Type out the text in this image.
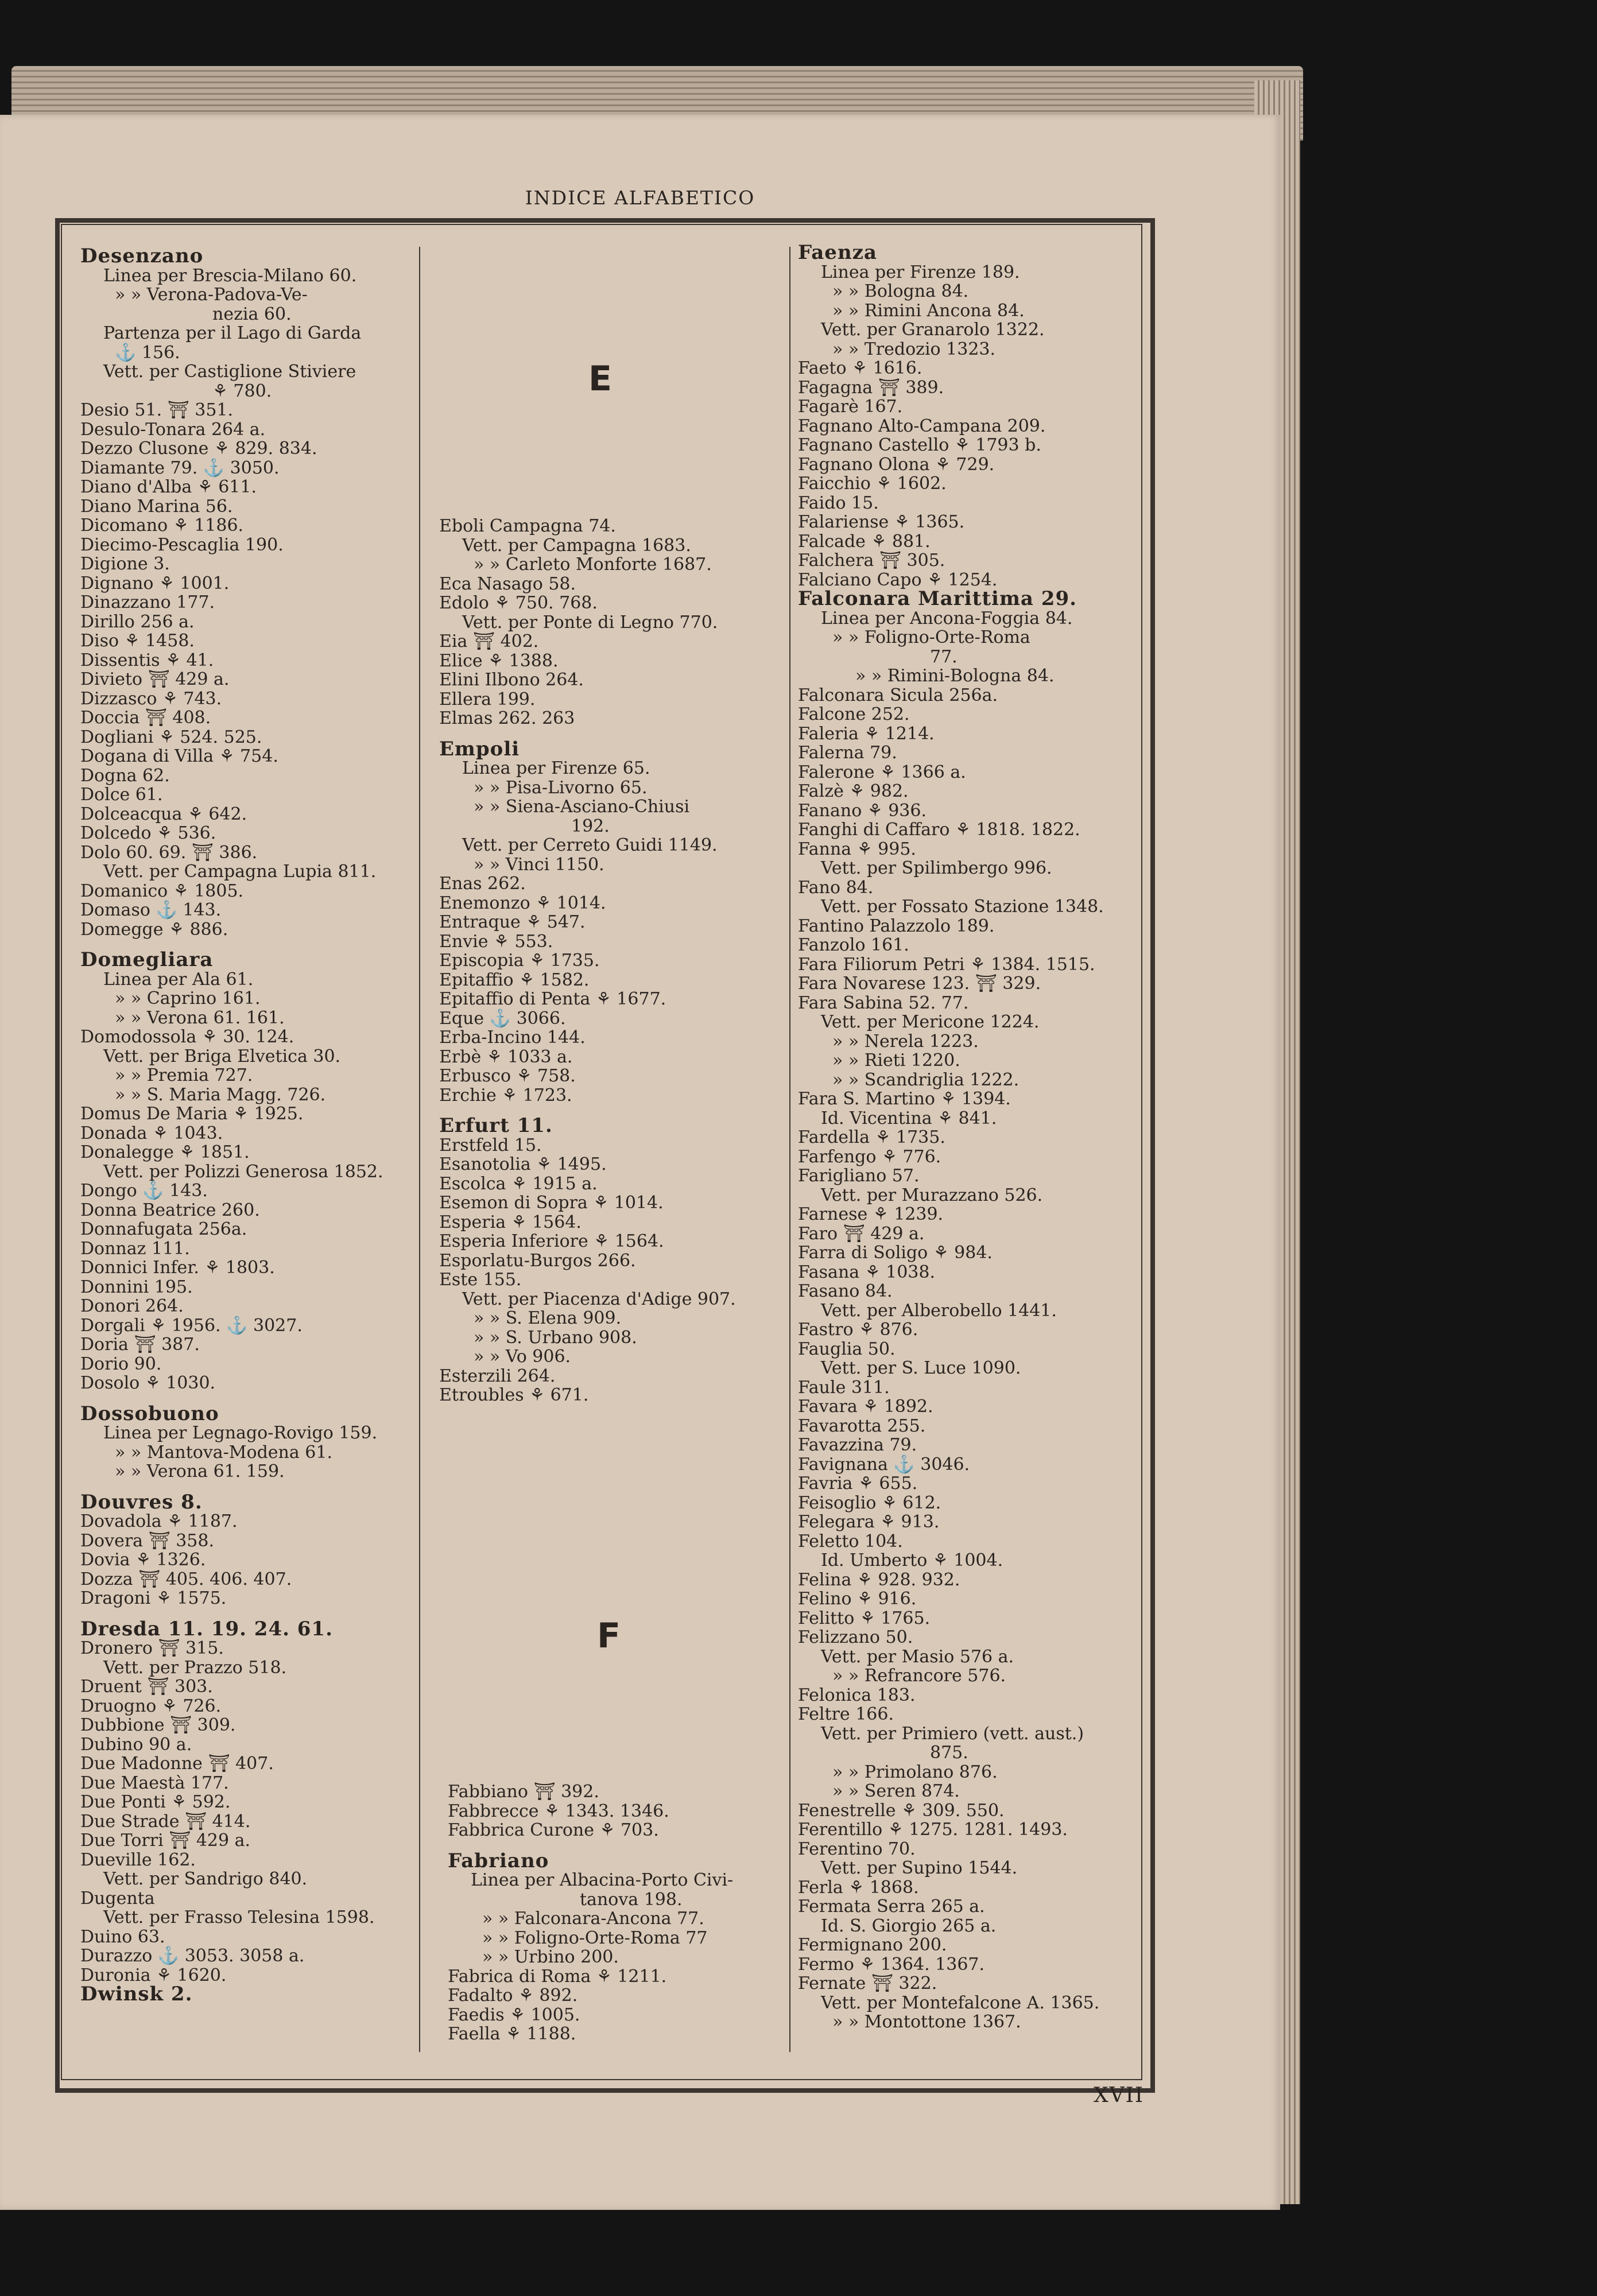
INDICE ALFABETICO
Desenzano
Linea per Brescia-Milano 60.
» » Verona-Padova-Ve-
nezia 60.
Partenza per il Lago di Garda
⚓ 156.
Vett. per Castiglione Stiviere
⚘ 780.
Desio 51. ⛩ 351.
Desulo-Tonara 264 a.
Dezzo Clusone ⚘ 829. 834.
Diamante 79. ⚓ 3050.
Diano d'Alba ⚘ 611.
Diano Marina 56.
Dicomano ⚘ 1186.
Diecimo-Pescaglia 190.
Digione 3.
Dignano ⚘ 1001.
Dinazzano 177.
Dirillo 256 a.
Diso ⚘ 1458.
Dissentis ⚘ 41.
Divieto ⛩ 429 a.
Dizzasco ⚘ 743.
Doccia ⛩ 408.
Dogliani ⚘ 524. 525.
Dogana di Villa ⚘ 754.
Dogna 62.
Dolce 61.
Dolceacqua ⚘ 642.
Dolcedo ⚘ 536.
Dolo 60. 69. ⛩ 386.
Vett. per Campagna Lupia 811.
Domanico ⚘ 1805.
Domaso ⚓ 143.
Domegge ⚘ 886.
Domegliara
Linea per Ala 61.
» » Caprino 161.
» » Verona 61. 161.
Domodossola ⚘ 30. 124.
Vett. per Briga Elvetica 30.
» » Premia 727.
» » S. Maria Magg. 726.
Domus De Maria ⚘ 1925.
Donada ⚘ 1043.
Donalegge ⚘ 1851.
Vett. per Polizzi Generosa 1852.
Dongo ⚓ 143.
Donna Beatrice 260.
Donnafugata 256a.
Donnaz 111.
Donnici Infer. ⚘ 1803.
Donnini 195.
Donori 264.
Dorgali ⚘ 1956. ⚓ 3027.
Doria ⛩ 387.
Dorio 90.
Dosolo ⚘ 1030.
Dossobuono
Linea per Legnago-Rovigo 159.
» » Mantova-Modena 61.
» » Verona 61. 159.
Douvres 8.
Dovadola ⚘ 1187.
Dovera ⛩ 358.
Dovia ⚘ 1326.
Dozza ⛩ 405. 406. 407.
Dragoni ⚘ 1575.
Dresda 11. 19. 24. 61.
Dronero ⛩ 315.
Vett. per Prazzo 518.
Druent ⛩ 303.
Druogno ⚘ 726.
Dubbione ⛩ 309.
Dubino 90 a.
Due Madonne ⛩ 407.
Due Maestà 177.
Due Ponti ⚘ 592.
Due Strade ⛩ 414.
Due Torri ⛩ 429 a.
Dueville 162.
Vett. per Sandrigo 840.
Dugenta
Vett. per Frasso Telesina 1598.
Duino 63.
Durazzo ⚓ 3053. 3058 a.
Duronia ⚘ 1620.
Dwinsk 2.
E
Eboli Campagna 74.
Vett. per Campagna 1683.
» » Carleto Monforte 1687.
Eca Nasago 58.
Edolo ⚘ 750. 768.
Vett. per Ponte di Legno 770.
Eia ⛩ 402.
Elice ⚘ 1388.
Elini Ilbono 264.
Ellera 199.
Elmas 262. 263
Empoli
Linea per Firenze 65.
» » Pisa-Livorno 65.
» » Siena-Asciano-Chiusi
192.
Vett. per Cerreto Guidi 1149.
» » Vinci 1150.
Enas 262.
Enemonzo ⚘ 1014.
Entraque ⚘ 547.
Envie ⚘ 553.
Episcopia ⚘ 1735.
Epitaffio ⚘ 1582.
Epitaffio di Penta ⚘ 1677.
Eque ⚓ 3066.
Erba-Incino 144.
Erbè ⚘ 1033 a.
Erbusco ⚘ 758.
Erchie ⚘ 1723.
Erfurt 11.
Erstfeld 15.
Esanotolia ⚘ 1495.
Escolca ⚘ 1915 a.
Esemon di Sopra ⚘ 1014.
Esperia ⚘ 1564.
Esperia Inferiore ⚘ 1564.
Esporlatu-Burgos 266.
Este 155.
Vett. per Piacenza d'Adige 907.
» » S. Elena 909.
» » S. Urbano 908.
» » Vo 906.
Esterzili 264.
Etroubles ⚘ 671.
F
Fabbiano ⛩ 392.
Fabbrecce ⚘ 1343. 1346.
Fabbrica Curone ⚘ 703.
Fabriano
Linea per Albacina-Porto Civi-
tanova 198.
» » Falconara-Ancona 77.
» » Foligno-Orte-Roma 77
» » Urbino 200.
Fabrica di Roma ⚘ 1211.
Fadalto ⚘ 892.
Faedis ⚘ 1005.
Faella ⚘ 1188.
Faenza
Linea per Firenze 189.
» » Bologna 84.
» » Rimini Ancona 84.
Vett. per Granarolo 1322.
» » Tredozio 1323.
Faeto ⚘ 1616.
Fagagna ⛩ 389.
Fagarè 167.
Fagnano Alto-Campana 209.
Fagnano Castello ⚘ 1793 b.
Fagnano Olona ⚘ 729.
Faicchio ⚘ 1602.
Faido 15.
Falariense ⚘ 1365.
Falcade ⚘ 881.
Falchera ⛩ 305.
Falciano Capo ⚘ 1254.
Falconara Marittima 29.
Linea per Ancona-Foggia 84.
» » Foligno-Orte-Roma
77.
» » Rimini-Bologna 84.
Falconara Sicula 256a.
Falcone 252.
Faleria ⚘ 1214.
Falerna 79.
Falerone ⚘ 1366 a.
Falzè ⚘ 982.
Fanano ⚘ 936.
Fanghi di Caffaro ⚘ 1818. 1822.
Fanna ⚘ 995.
Vett. per Spilimbergo 996.
Fano 84.
Vett. per Fossato Stazione 1348.
Fantino Palazzolo 189.
Fanzolo 161.
Fara Filiorum Petri ⚘ 1384. 1515.
Fara Novarese 123. ⛩ 329.
Fara Sabina 52. 77.
Vett. per Mericone 1224.
» » Nerela 1223.
» » Rieti 1220.
» » Scandriglia 1222.
Fara S. Martino ⚘ 1394.
Id. Vicentina ⚘ 841.
Fardella ⚘ 1735.
Farfengo ⚘ 776.
Farigliano 57.
Vett. per Murazzano 526.
Farnese ⚘ 1239.
Faro ⛩ 429 a.
Farra di Soligo ⚘ 984.
Fasana ⚘ 1038.
Fasano 84.
Vett. per Alberobello 1441.
Fastro ⚘ 876.
Fauglia 50.
Vett. per S. Luce 1090.
Faule 311.
Favara ⚘ 1892.
Favarotta 255.
Favazzina 79.
Favignana ⚓ 3046.
Favria ⚘ 655.
Feisoglio ⚘ 612.
Felegara ⚘ 913.
Feletto 104.
Id. Umberto ⚘ 1004.
Felina ⚘ 928. 932.
Felino ⚘ 916.
Felitto ⚘ 1765.
Felizzano 50.
Vett. per Masio 576 a.
» » Refrancore 576.
Felonica 183.
Feltre 166.
Vett. per Primiero (vett. aust.)
875.
» » Primolano 876.
» » Seren 874.
Fenestrelle ⚘ 309. 550.
Ferentillo ⚘ 1275. 1281. 1493.
Ferentino 70.
Vett. per Supino 1544.
Ferla ⚘ 1868.
Fermata Serra 265 a.
Id. S. Giorgio 265 a.
Fermignano 200.
Fermo ⚘ 1364. 1367.
Fernate ⛩ 322.
Vett. per Montefalcone A. 1365.
» » Montottone 1367.
XVII
